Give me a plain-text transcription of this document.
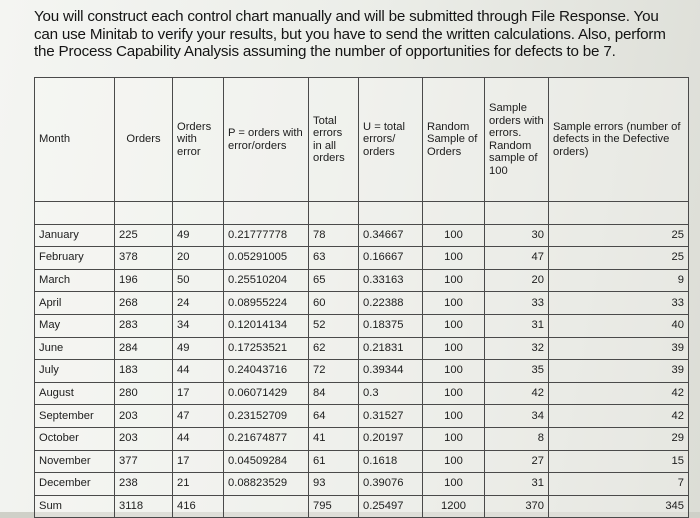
You will construct each control chart manually and will be submitted through File Response. You can use Minitab to verify your results, but you have to send the written calculations. Also, perform the Process Capability Analysis assuming the number of opportunities for defects to be 7.
Month	Orders	Orders with error	P = orders with error/orders	Total errors in all orders	U = total errors/ orders	Random Sample of Orders	Sample orders with errors. Random sample of 100	Sample errors (number of defects in the Defective orders)

January	225	49	0.21777778	78	0.34667	100	30	25
February	378	20	0.05291005	63	0.16667	100	47	25
March	196	50	0.25510204	65	0.33163	100	20	9
April	268	24	0.08955224	60	0.22388	100	33	33
May	283	34	0.12014134	52	0.18375	100	31	40
June	284	49	0.17253521	62	0.21831	100	32	39
July	183	44	0.24043716	72	0.39344	100	35	39
August	280	17	0.06071429	84	0.3	100	42	42
September	203	47	0.23152709	64	0.31527	100	34	42
October	203	44	0.21674877	41	0.20197	100	8	29
November	377	17	0.04509284	61	0.1618	100	27	15
December	238	21	0.08823529	93	0.39076	100	31	7
Sum	3118	416		795	0.25497	1200	370	345
